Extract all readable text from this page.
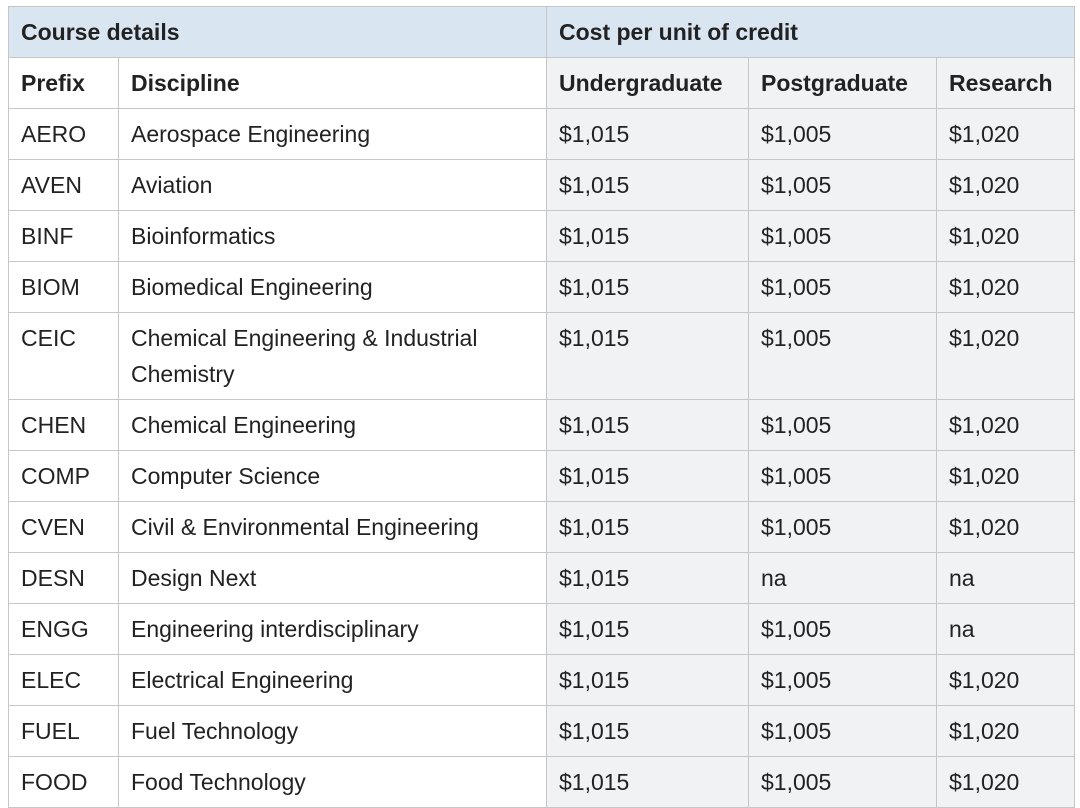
Course details		Cost per unit of credit		
Prefix	Discipline	Undergraduate	Postgraduate	Research
AERO	Aerospace Engineering	$1,015	$1,005	$1,020
AVEN	Aviation	$1,015	$1,005	$1,020
BINF	Bioinformatics	$1,015	$1,005	$1,020
BIOM	Biomedical Engineering	$1,015	$1,005	$1,020
CEIC	Chemical Engineering & Industrial Chemistry	$1,015	$1,005	$1,020
CHEN	Chemical Engineering	$1,015	$1,005	$1,020
COMP	Computer Science	$1,015	$1,005	$1,020
CVEN	Civil & Environmental Engineering	$1,015	$1,005	$1,020
DESN	Design Next	$1,015	na	na
ENGG	Engineering interdisciplinary	$1,015	$1,005	na
ELEC	Electrical Engineering	$1,015	$1,005	$1,020
FUEL	Fuel Technology	$1,015	$1,005	$1,020
FOOD	Food Technology	$1,015	$1,005	$1,020
